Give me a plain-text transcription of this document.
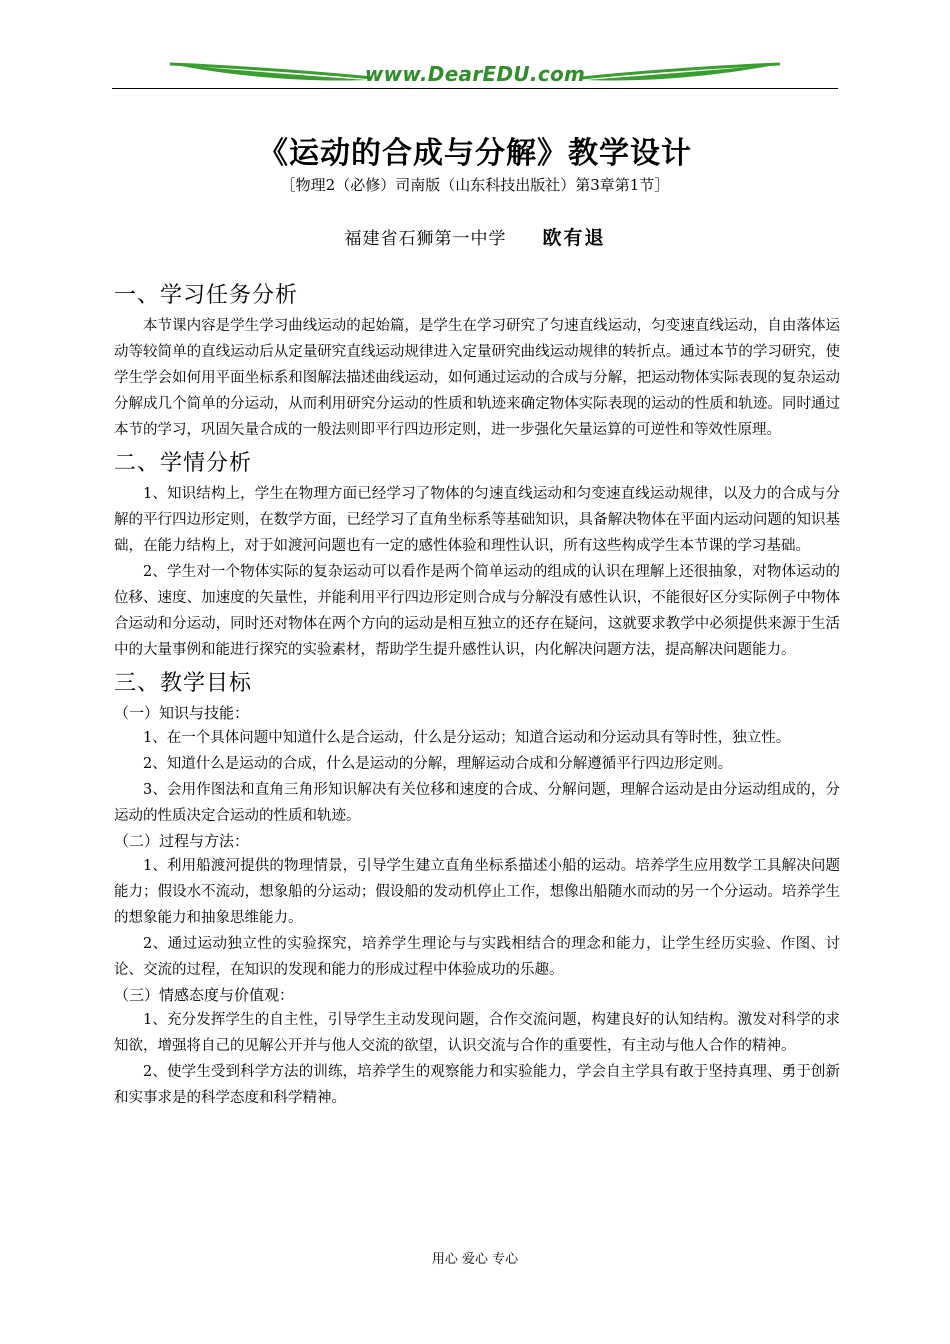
www.DearEDU.com
《运动的合成与分解》教学设计
［物理2（必修）司南版（山东科技出版社）第3章第1节］
福建省石狮第一中学 欧有退
一、学习任务分析

本节课内容是学生学习曲线运动的起始篇，是学生在学习研究了匀速直线运动，匀变速直线运动，自由落体运动等较简单的直线运动后从定量研究直线运动规律进入定量研究曲线运动规律的转折点。通过本节的学习研究，使学生学会如何用平面坐标系和图解法描述曲线运动，如何通过运动的合成与分解，把运动物体实际表现的复杂运动分解成几个简单的分运动，从而利用研究分运动的性质和轨迹来确定物体实际表现的运动的性质和轨迹。同时通过本节的学习，巩固矢量合成的一般法则即平行四边形定则，进一步强化矢量运算的可逆性和等效性原理。

二、学情分析

1、知识结构上，学生在物理方面已经学习了物体的匀速直线运动和匀变速直线运动规律，以及力的合成与分解的平行四边形定则，在数学方面，已经学习了直角坐标系等基础知识，具备解决物体在平面内运动问题的知识基础，在能力结构上，对于如渡河问题也有一定的感性体验和理性认识，所有这些构成学生本节课的学习基础。

2、学生对一个物体实际的复杂运动可以看作是两个简单运动的组成的认识在理解上还很抽象，对物体运动的位移、速度、加速度的矢量性，并能利用平行四边形定则合成与分解没有感性认识，不能很好区分实际例子中物体合运动和分运动，同时还对物体在两个方向的运动是相互独立的还存在疑问，这就要求教学中必须提供来源于生活中的大量事例和能进行探究的实验素材，帮助学生提升感性认识，内化解决问题方法，提高解决问题能力。

三、教学目标
（一）知识与技能：

1、在一个具体问题中知道什么是合运动，什么是分运动；知道合运动和分运动具有等时性，独立性。

2、知道什么是运动的合成，什么是运动的分解，理解运动合成和分解遵循平行四边形定则。

3、会用作图法和直角三角形知识解决有关位移和速度的合成、分解问题，理解合运动是由分运动组成的，分运动的性质决定合运动的性质和轨迹。

（二）过程与方法：

1、利用船渡河提供的物理情景，引导学生建立直角坐标系描述小船的运动。培养学生应用数学工具解决问题能力；假设水不流动，想象船的分运动；假设船的发动机停止工作，想像出船随水而动的另一个分运动。培养学生的想象能力和抽象思维能力。

2、通过运动独立性的实验探究，培养学生理论与与实践相结合的理念和能力，让学生经历实验、作图、讨论、交流的过程，在知识的发现和能力的形成过程中体验成功的乐趣。

（三）情感态度与价值观：

1、充分发挥学生的自主性，引导学生主动发现问题，合作交流问题，构建良好的认知结构。激发对科学的求知欲，增强将自己的见解公开并与他人交流的欲望，认识交流与合作的重要性，有主动与他人合作的精神。

2、使学生受到科学方法的训练，培养学生的观察能力和实验能力，学会自主学具有敢于坚持真理、勇于创新和实事求是的科学态度和科学精神。

用心 爱心 专心
